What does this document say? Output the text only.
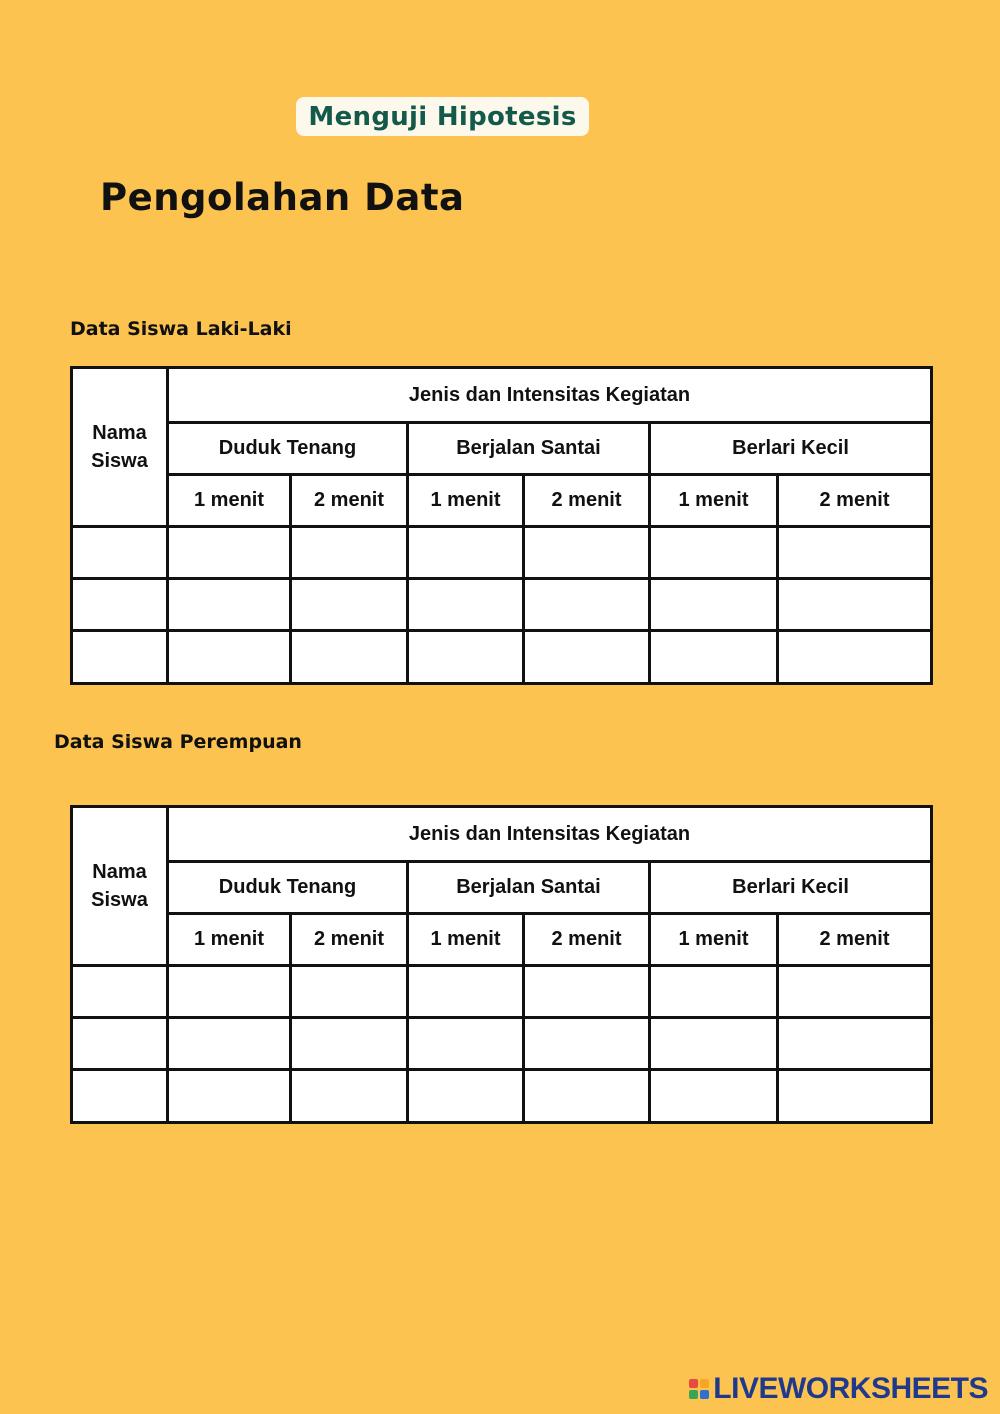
Menguji Hipotesis
Pengolahan Data
Data Siswa Laki-Laki
Nama
Siswa	Jenis dan Intensitas Kegiatan					
	Duduk Tenang		Berjalan Santai		Berlari Kecil	
	1 menit	2 menit	1 menit	2 menit	1 menit	2 menit

Data Siswa Perempuan
Nama
Siswa	Jenis dan Intensitas Kegiatan					
	Duduk Tenang		Berjalan Santai		Berlari Kecil	
	1 menit	2 menit	1 menit	2 menit	1 menit	2 menit

LIVEWORKSHEETS
